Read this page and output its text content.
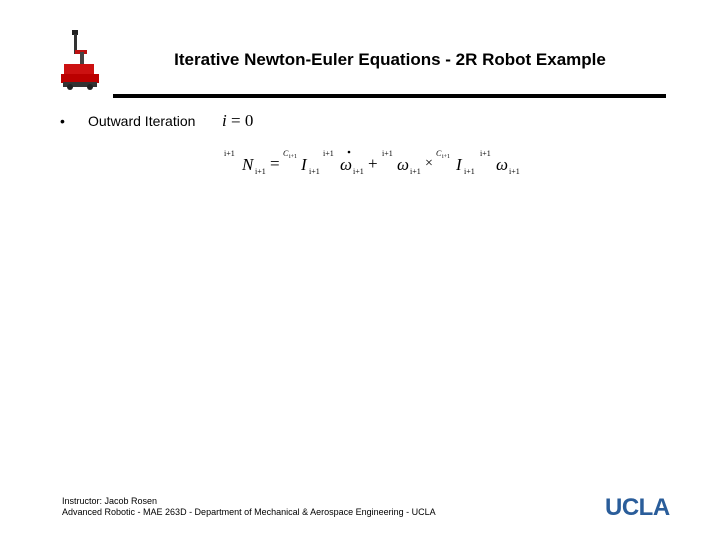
Iterative Newton-Euler Equations - 2R Robot Example
• Outward Iteration i = 0
i+1
N i+1 =
C i+1 I i+1
i+1
ω i+1 +
i+1
ω i+1
×
C i+1 I i+1
i+1
ω i+1
Instructor: Jacob Rosen
Advanced Robotic - MAE 263D - Department of Mechanical & Aerospace Engineering - UCLA	UCLA
